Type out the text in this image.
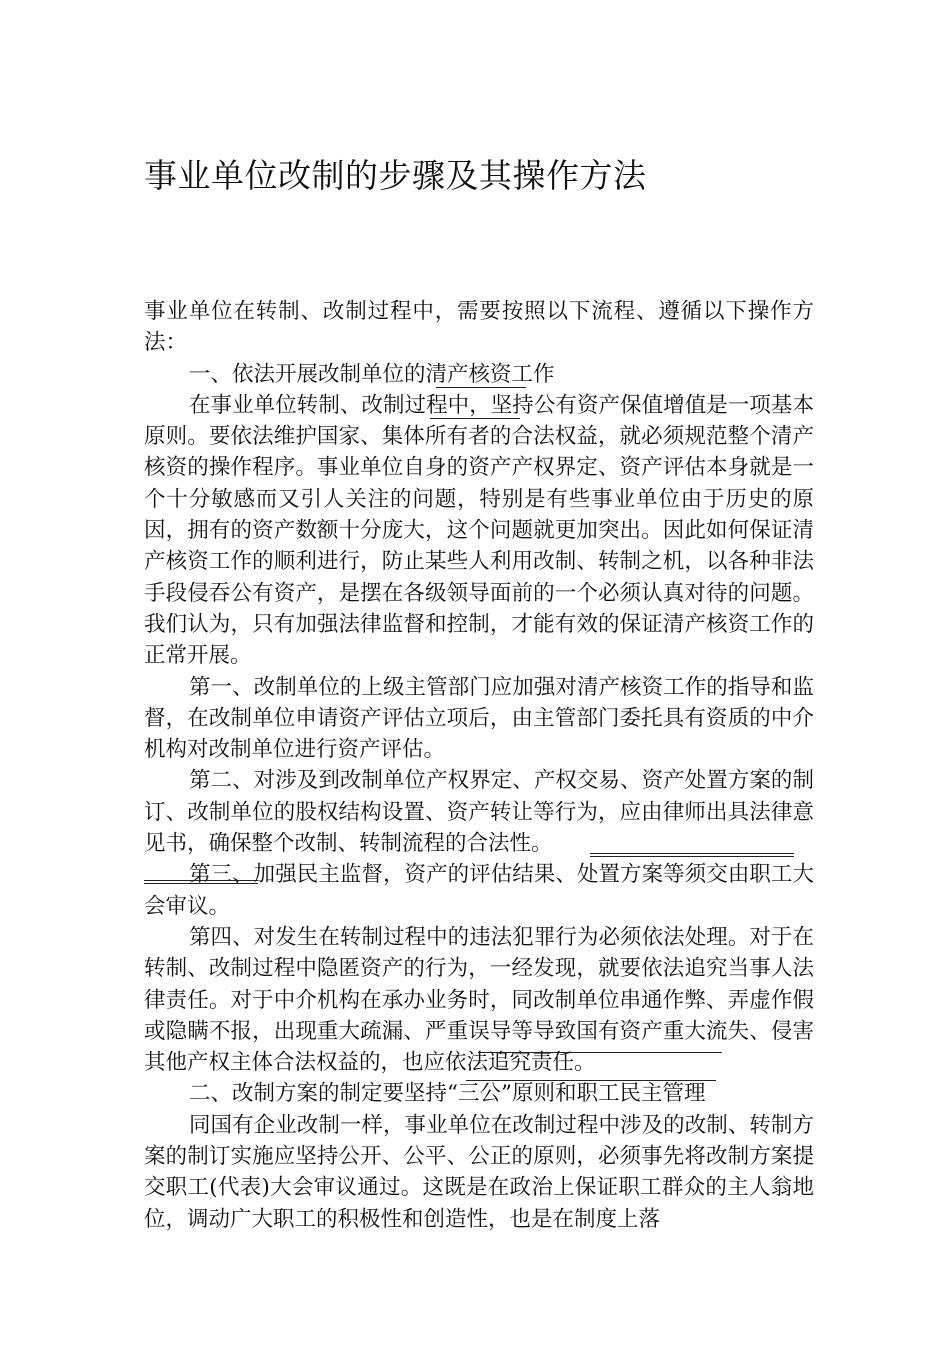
事业单位改制的步骤及其操作方法

事业单位在转制、改制过程中，需要按照以下流程、遵循以下操作方法：

一、依法开展改制单位的清产核资工作

在事业单位转制、改制过程中，坚持公有资产保值增值是一项基本原则。要依法维护国家、集体所有者的合法权益，就必须规范整个清产核资的操作程序。事业单位自身的资产产权界定、资产评估本身就是一个十分敏感而又引人关注的问题，特别是有些事业单位由于历史的原因，拥有的资产数额十分庞大，这个问题就更加突出。因此如何保证清产核资工作的顺利进行，防止某些人利用改制、转制之机，以各种非法手段侵吞公有资产，是摆在各级领导面前的一个必须认真对待的问题。我们认为，只有加强法律监督和控制，才能有效的保证清产核资工作的正常开展。

第一、改制单位的上级主管部门应加强对清产核资工作的指导和监督，在改制单位申请资产评估立项后，由主管部门委托具有资质的中介机构对改制单位进行资产评估。

第二、对涉及到改制单位产权界定、产权交易、资产处置方案的制订、改制单位的股权结构设置、资产转让等行为，应由律师出具法律意见书，确保整个改制、转制流程的合法性。

第三、加强民主监督，资产的评估结果、处置方案等须交由职工大会审议。

第四、对发生在转制过程中的违法犯罪行为必须依法处理。对于在转制、改制过程中隐匿资产的行为，一经发现，就要依法追究当事人法律责任。对于中介机构在承办业务时，同改制单位串通作弊、弄虚作假或隐瞒不报，出现重大疏漏、严重误导等导致国有资产重大流失、侵害其他产权主体合法权益的，也应依法追究责任。

二、改制方案的制定要坚持“三公”原则和职工民主管理

同国有企业改制一样，事业单位在改制过程中涉及的改制、转制方案的制订实施应坚持公开、公平、公正的原则，必须事先将改制方案提交职工(代表)大会审议通过。这既是在政治上保证职工群众的主人翁地位，调动广大职工的积极性和创造性，也是在制度上落
